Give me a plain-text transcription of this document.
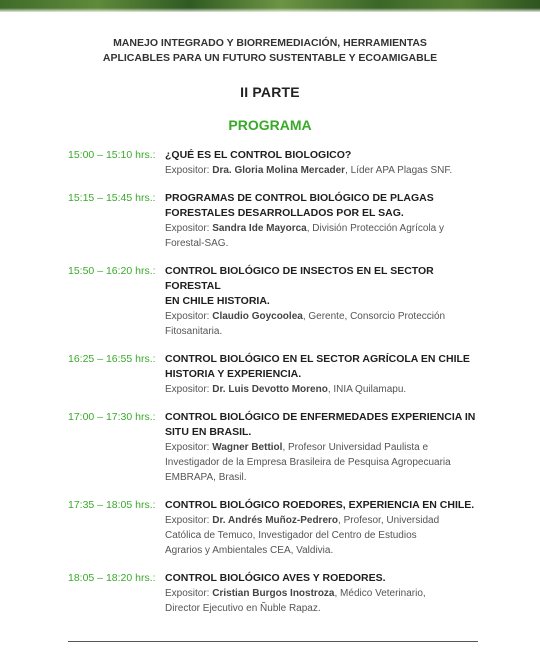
MANEJO INTEGRADO Y BIORREMEDIACIÓN, HERRAMIENTAS
APLICABLES PARA UN FUTURO SUSTENTABLE Y ECOAMIGABLE
II PARTE
PROGRAMA
15:00 – 15:10 hrs.: ¿QUÉ ES EL CONTROL BIOLOGICO?
Expositor: Dra. Gloria Molina Mercader, Líder APA Plagas SNF.
15:15 – 15:45 hrs.: PROGRAMAS DE CONTROL BIOLÓGICO DE PLAGAS
FORESTALES DESARROLLADOS POR EL SAG.
Expositor: Sandra Ide Mayorca, División Protección Agrícola y
Forestal-SAG.
15:50 – 16:20 hrs.: CONTROL BIOLÓGICO DE INSECTOS EN EL SECTOR FORESTAL
EN CHILE HISTORIA.
Expositor: Claudio Goycoolea, Gerente, Consorcio Protección
Fitosanitaria.
16:25 – 16:55 hrs.: CONTROL BIOLÓGICO EN EL SECTOR AGRÍCOLA EN CHILE
HISTORIA Y EXPERIENCIA.
Expositor: Dr. Luis Devotto Moreno, INIA Quilamapu.
17:00 – 17:30 hrs.: CONTROL BIOLÓGICO DE ENFERMEDADES EXPERIENCIA IN
SITU EN BRASIL.
Expositor: Wagner Bettiol, Profesor Universidad Paulista e
Investigador de la Empresa Brasileira de Pesquisa Agropecuaria
EMBRAPA, Brasil.
17:35 – 18:05 hrs.: CONTROL BIOLÓGICO ROEDORES, EXPERIENCIA EN CHILE.
Expositor: Dr. Andrés Muñoz-Pedrero, Profesor, Universidad
Católica de Temuco, Investigador del Centro de Estudios
Agrarios y Ambientales CEA, Valdivia.
18:05 – 18:20 hrs.: CONTROL BIOLÓGICO AVES Y ROEDORES.
Expositor: Cristian Burgos Inostroza, Médico Veterinario,
Director Ejecutivo en Ñuble Rapaz.
